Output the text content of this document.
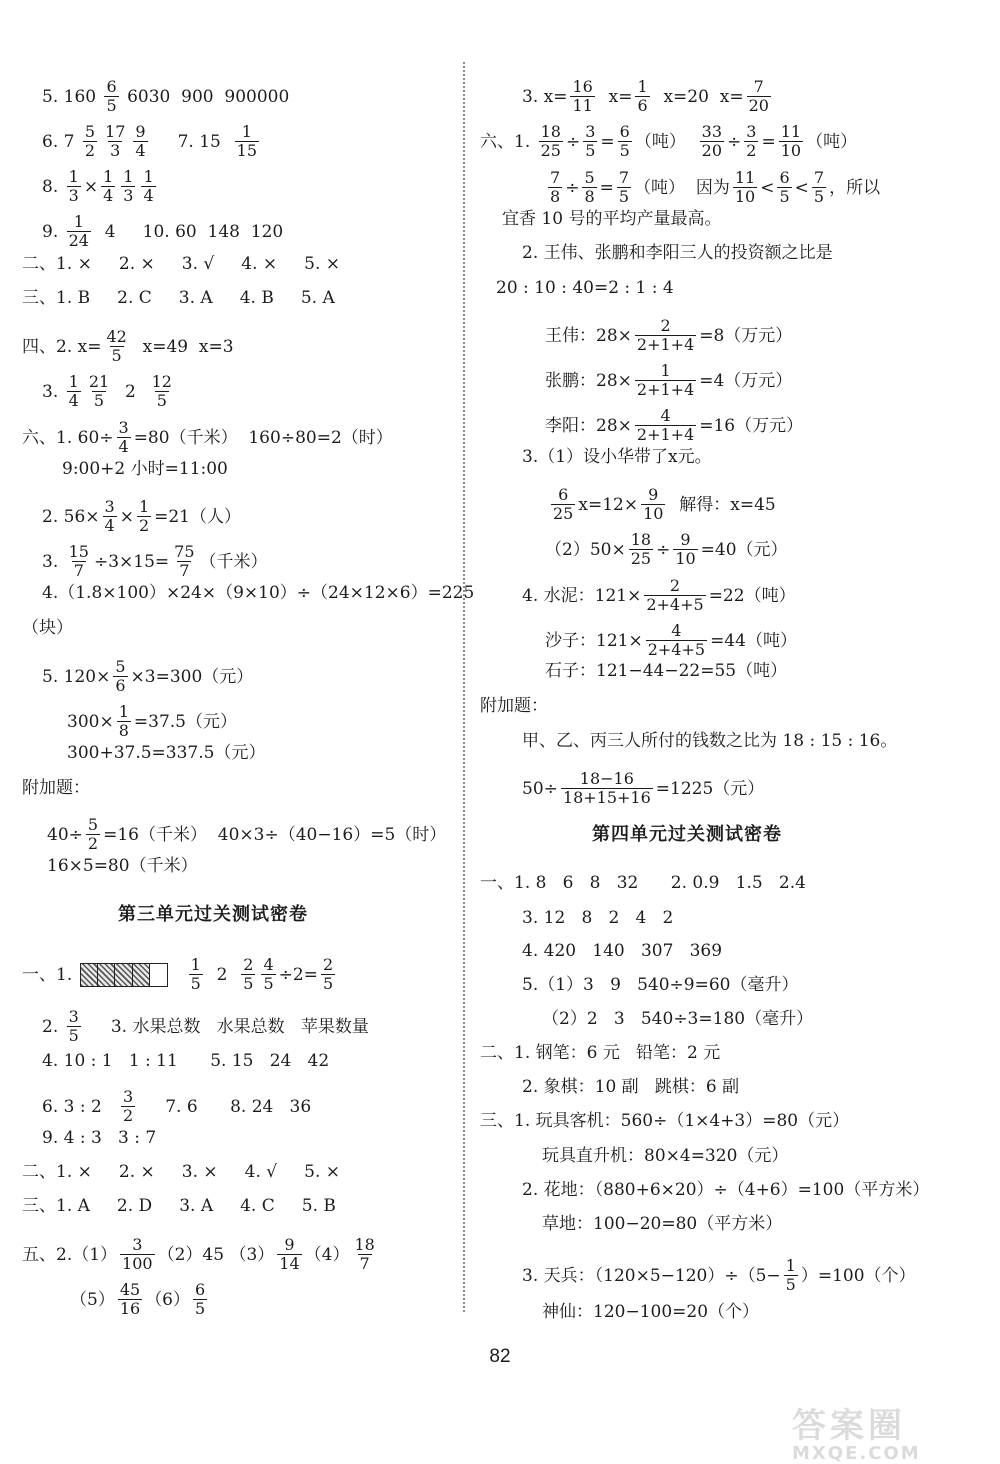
5. $160 \frac{6}{5} 6030$  900  900000
6. $7 \frac{5}{2} \frac{17}{3} \frac{9}{4} 7$. $15 \frac{1}{15}$
8. $\frac{1}{3} \times \frac{1}{4} \frac{1}{3} \frac{1}{4}$
9. $\frac{1}{24} 4$     10. 60  148  120
二、1. ×     2. ×     3. √     4. ×     5. ×
三、1. B     2. C     3. A     4. B     5. A
四、2. $x= \frac{42}{5} x=49$  x=3
3. $\frac{1}{4} \frac{21}{5} 2 \frac{12}{5}$
六、1. $60\div \frac{3}{4} =80$（千米）  160÷80=2（时）
9:00+2 小时=11:00
2. $56\times \frac{3}{4} \times \frac{1}{2} =21$（人）
3. $\frac{15}{7} \div 3\times 15= \frac{75}{7}$ （千米）
4.（1.8×100）×24×（9×10）÷（24×12×6）=225
（块）
5. $120\times \frac{5}{6} \times 3=300$（元）
$300\times \frac{1}{8} =37.5$（元）
300+37.5=337.5（元）
附加题：
$40\div \frac{5}{2} =16$（千米）  40×3÷（40−16）=5（时）
16×5=80（千米）
一、1.	$\frac{1}{5} 2 \frac{2}{5} \frac{4}{5} \div 2= \frac{2}{5}$
2. $\frac{3}{5} 3$. 水果总数   水果总数   苹果数量
4. 10 : 1   1 : 11      5. 15   24   42
6. 3 : $2 \frac{3}{2} 7$. 6      8. 24   36
9. 4 : 3   3 : 7
二、1. ×     2. ×     3. ×     4. √     5. ×
三、1. A     2. D     3. A     4. C     5. B
五、$2.(1) \frac{3}{100} (2)45$ $(3) \frac{9}{14} (4) \frac{18}{7}$
$(5) \frac{45}{16} (6) \frac{6}{5}$
3. $x= \frac{16}{11} x= \frac{1}{6} x=20$  $x= \frac{7}{20}$
六、1. $\frac{18}{25} \div \frac{3}{5} = \frac{6}{5}$ （吨） $\frac{33}{20} \div \frac{3}{2} = \frac{11}{10}$ （吨）
$\frac{7}{8} \div \frac{5}{8} = \frac{7}{5}$ （吨）  因为 $\frac{11}{10} < \frac{6}{5} < \frac{7}{5}$ ，所以
宜香 10 号的平均产量最高。
2. 王伟、张鹏和李阳三人的投资额之比是
20 : 10 : 40=2 : 1 : 4
王伟：$28\times \frac{2}{2+1+4} =8$（万元）
张鹏：$28\times \frac{1}{2+1+4} =4$（万元）
李阳：$28\times \frac{4}{2+1+4} =16$（万元）
3.（1）设小华带了x元。
$\frac{6}{25} x=12\times \frac{9}{10}$ 解得：x=45
$(2)50\times \frac{18}{25} \div \frac{9}{10} =40$（元）
4. 水泥：$121\times \frac{2}{2+4+5} =22$（吨）
沙子：$121\times \frac{4}{2+4+5} =44$（吨）
石子：121−44−22=55（吨）
附加题：
甲、乙、丙三人所付的钱数之比为 18 : 15 : 16。
$50\div \frac{18-16}{18+15+16} =1225$（元）
一、1. 8   6   8   32      2. 0.9   1.5   2.4
3. 12   8   2   4   2
4. 420   140   307   369
5.（1）3   9   540÷9=60（毫升）
（2）2   3   540÷3=180（毫升）
二、1. 钢笔：6 元   铅笔：2 元
2. 象棋：10 副   跳棋：6 副
三、1. 玩具客机：560÷（1×4+3）=80（元）
玩具直升机：80×4=320（元）
2. 花地：（880+6×20）÷（4+6）=100（平方米）
草地：100−20=80（平方米）
3. 天兵：$(120\times 5-120)\div(5- \frac{1}{5} )=100$（个）
神仙：120−100=20（个）
第三单元过关测试密卷
第四单元过关测试密卷
82
答案圈
MXQE.COM
